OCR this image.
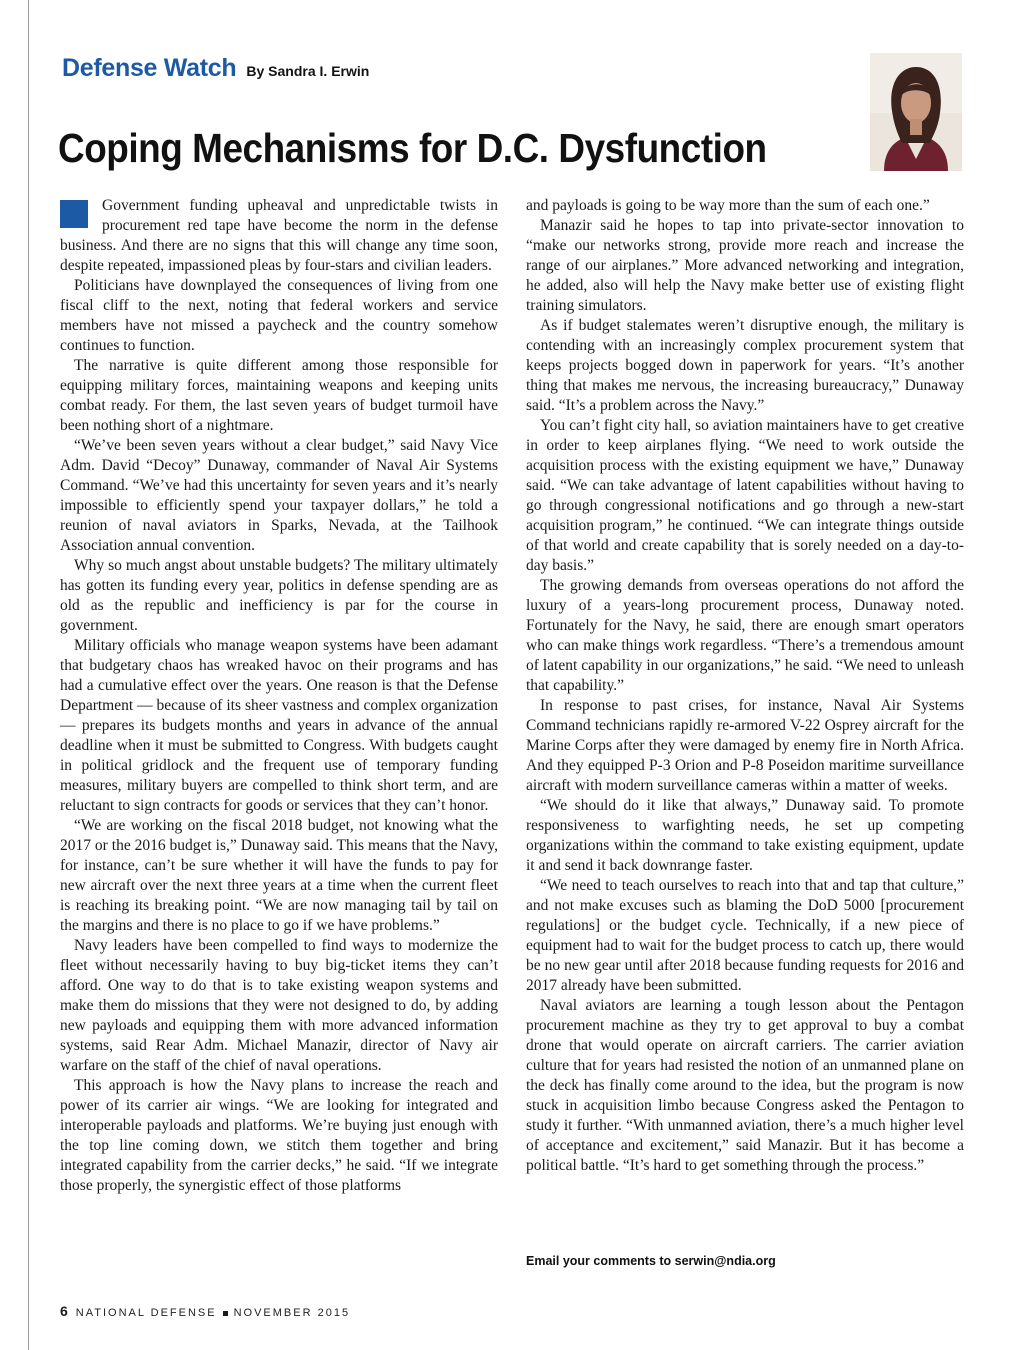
Defense Watch By Sandra I. Erwin
Coping Mechanisms for D.C. Dysfunction

Government funding upheaval and unpredictable twists in procurement red tape have become the norm in the defense business. And there are no signs that this will change any time soon, despite repeated, impassioned pleas by four-stars and civilian leaders.

Politicians have downplayed the consequences of living from one fiscal cliff to the next, noting that federal workers and service members have not missed a paycheck and the country somehow continues to function.

The narrative is quite different among those responsible for equipping military forces, maintaining weapons and keeping units combat ready. For them, the last seven years of budget turmoil have been nothing short of a nightmare.

“We’ve been seven years without a clear budget,” said Navy Vice Adm. David “Decoy” Dunaway, commander of Naval Air Systems Command. “We’ve had this uncertainty for seven years and it’s nearly impossible to efficiently spend your taxpayer dollars,” he told a reunion of naval aviators in Sparks, Nevada, at the Tailhook Association annual convention.

Why so much angst about unstable budgets? The military ultimately has gotten its funding every year, politics in defense spending are as old as the republic and inefficiency is par for the course in government.

Military officials who manage weapon systems have been adamant that budgetary chaos has wreaked havoc on their programs and has had a cumulative effect over the years. One reason is that the Defense Department — because of its sheer vastness and complex organization — prepares its budgets months and years in advance of the annual deadline when it must be submitted to Congress. With budgets caught in political gridlock and the frequent use of temporary funding measures, military buyers are compelled to think short term, and are reluctant to sign contracts for goods or services that they can’t honor.

“We are working on the fiscal 2018 budget, not knowing what the 2017 or the 2016 budget is,” Dunaway said. This means that the Navy, for instance, can’t be sure whether it will have the funds to pay for new aircraft over the next three years at a time when the current fleet is reaching its breaking point. “We are now managing tail by tail on the margins and there is no place to go if we have problems.”

Navy leaders have been compelled to find ways to modernize the fleet without necessarily having to buy big-ticket items they can’t afford. One way to do that is to take existing weapon systems and make them do missions that they were not designed to do, by adding new payloads and equipping them with more advanced information systems, said Rear Adm. Michael Manazir, director of Navy air warfare on the staff of the chief of naval operations.

This approach is how the Navy plans to increase the reach and power of its carrier air wings. “We are looking for integrated and interoperable payloads and platforms. We’re buying just enough with the top line coming down, we stitch them together and bring integrated capability from the carrier decks,” he said. “If we integrate those properly, the synergistic effect of those platforms

and payloads is going to be way more than the sum of each one.”

Manazir said he hopes to tap into private-sector innovation to “make our networks strong, provide more reach and increase the range of our airplanes.” More advanced networking and integration, he added, also will help the Navy make better use of existing flight training simulators.

As if budget stalemates weren’t disruptive enough, the military is contending with an increasingly complex procurement system that keeps projects bogged down in paperwork for years. “It’s another thing that makes me nervous, the increasing bureaucracy,” Dunaway said. “It’s a problem across the Navy.”

You can’t fight city hall, so aviation maintainers have to get creative in order to keep airplanes flying. “We need to work outside the acquisition process with the existing equipment we have,” Dunaway said. “We can take advantage of latent capabilities without having to go through congressional notifications and go through a new-start acquisition program,” he continued. “We can integrate things outside of that world and create capability that is sorely needed on a day-to-day basis.”

The growing demands from overseas operations do not afford the luxury of a years-long procurement process, Dunaway noted. Fortunately for the Navy, he said, there are enough smart operators who can make things work regardless. “There’s a tremendous amount of latent capability in our organizations,” he said. “We need to unleash that capability.”

In response to past crises, for instance, Naval Air Systems Command technicians rapidly re-armored V-22 Osprey aircraft for the Marine Corps after they were damaged by enemy fire in North Africa. And they equipped P-3 Orion and P-8 Poseidon maritime surveillance aircraft with modern surveillance cameras within a matter of weeks.

“We should do it like that always,” Dunaway said. To promote responsiveness to warfighting needs, he set up competing organizations within the command to take existing equipment, update it and send it back downrange faster.

“We need to teach ourselves to reach into that and tap that culture,” and not make excuses such as blaming the DoD 5000 [procurement regulations] or the budget cycle. Technically, if a new piece of equipment had to wait for the budget process to catch up, there would be no new gear until after 2018 because funding requests for 2016 and 2017 already have been submitted.

Naval aviators are learning a tough lesson about the Pentagon procurement machine as they try to get approval to buy a combat drone that would operate on aircraft carriers. The carrier aviation culture that for years had resisted the notion of an unmanned plane on the deck has finally come around to the idea, but the program is now stuck in acquisition limbo because Congress asked the Pentagon to study it further. “With unmanned aviation, there’s a much higher level of acceptance and excitement,” said Manazir. But it has become a political battle. “It’s hard to get something through the process.”

Email your comments to serwin@ndia.org

6 NATIONAL DEFENSE NOVEMBER 2015
